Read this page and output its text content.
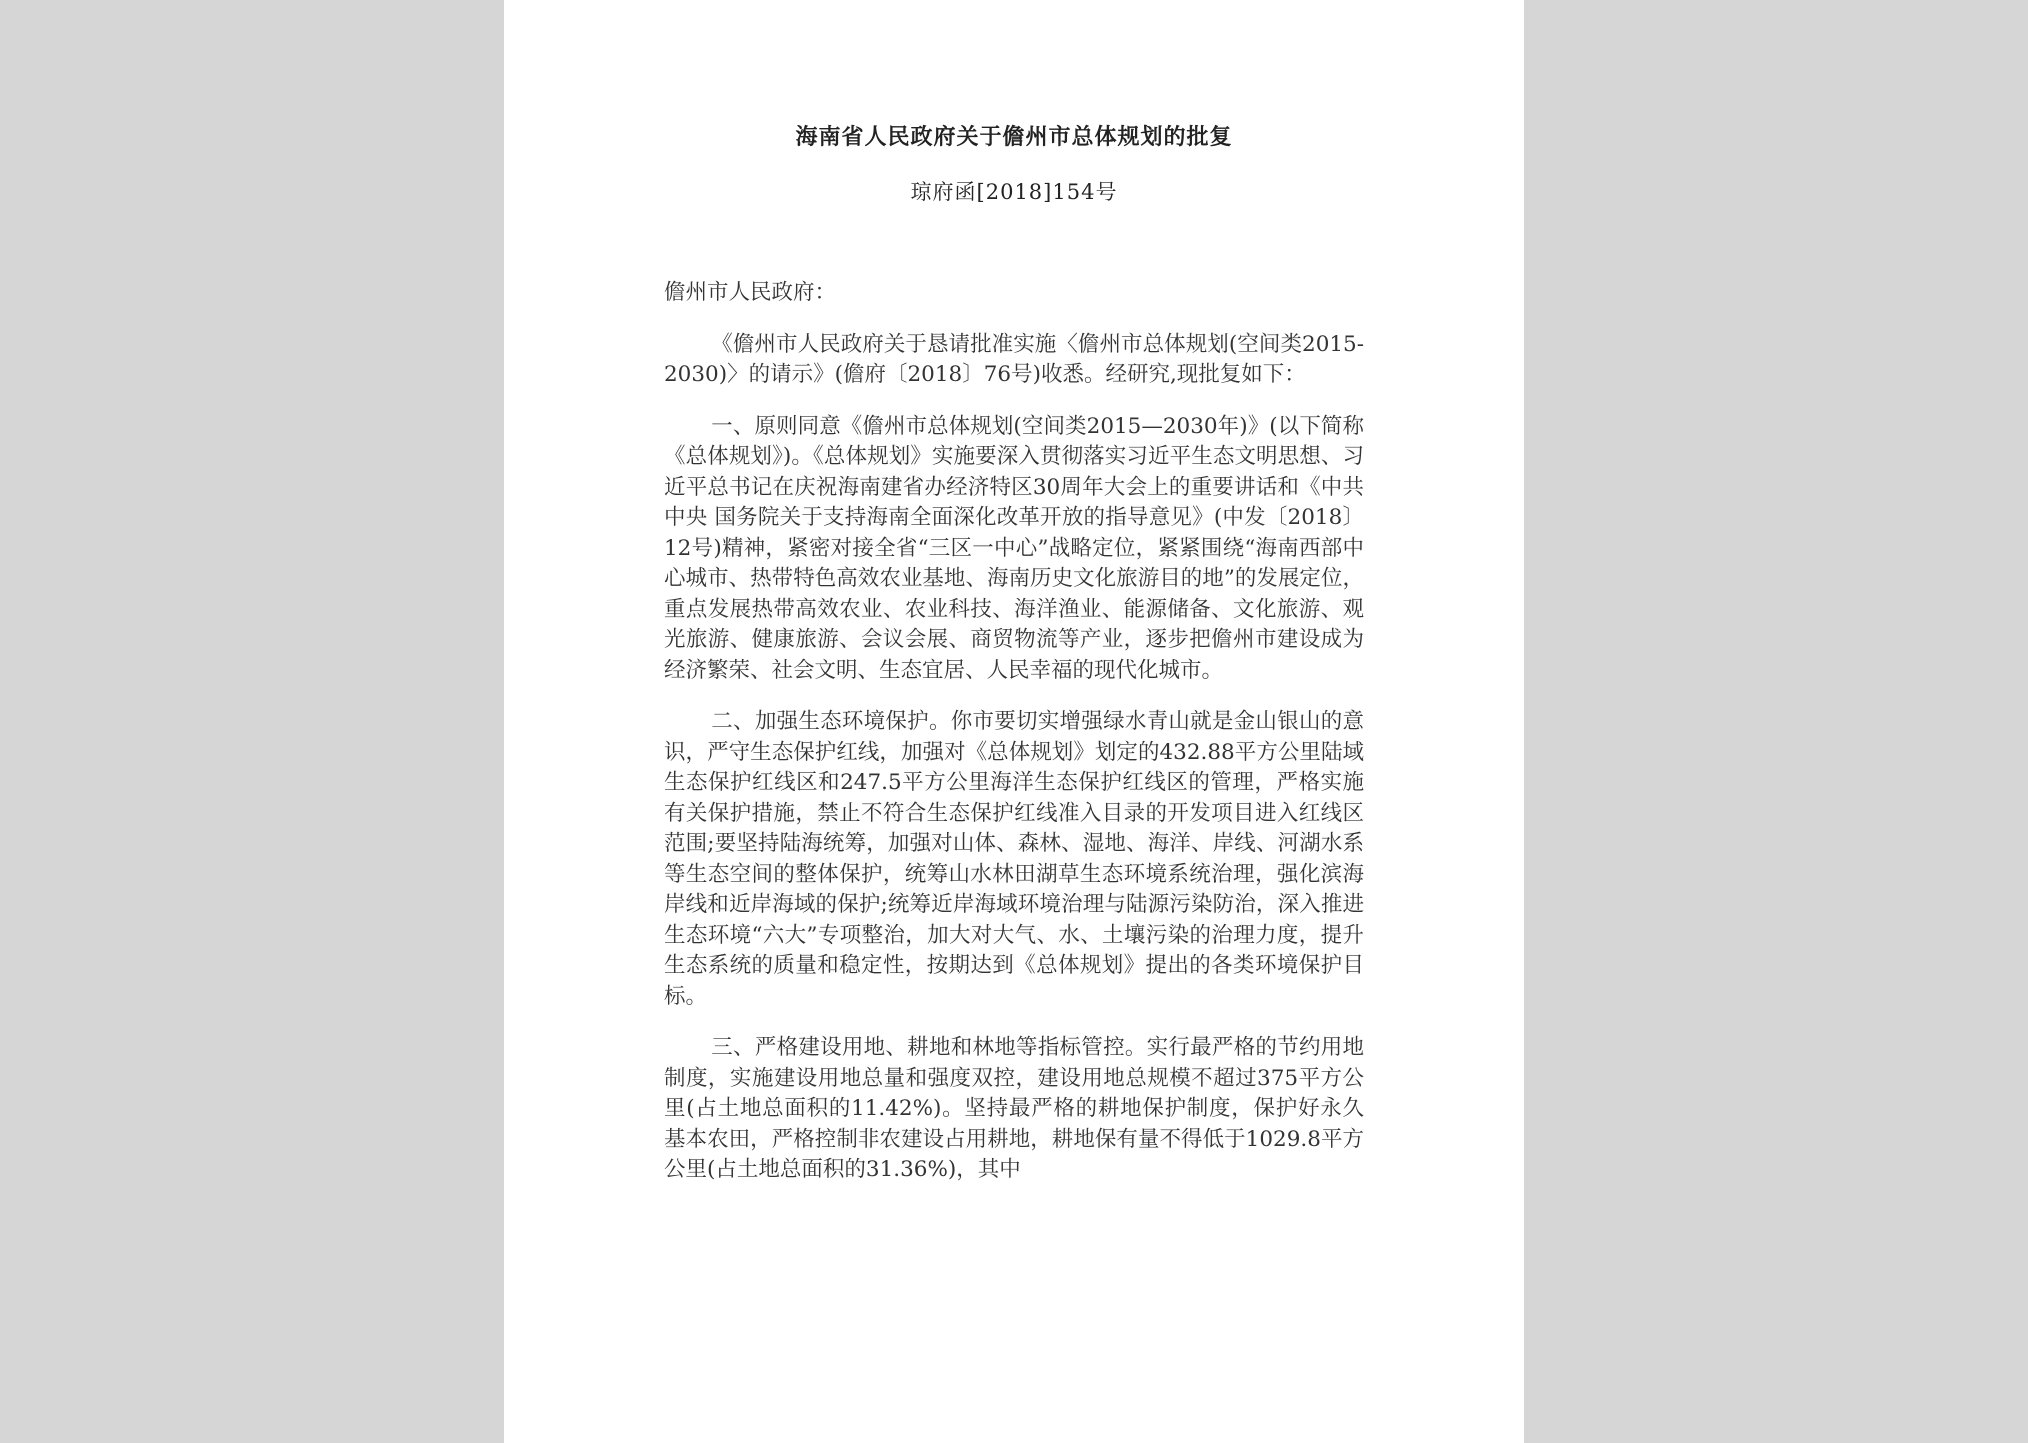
海南省人民政府关于儋州市总体规划的批复
琼府函[2018]154号

儋州市人民政府：

《儋州市人民政府关于恳请批准实施〈儋州市总体规划(空间类2015-2030)〉的请示》(儋府〔2018〕76号)收悉。经研究,现批复如下：

一、原则同意《儋州市总体规划(空间类2015—2030年)》(以下简称《总体规划》)。《总体规划》实施要深入贯彻落实习近平生态文明思想、习近平总书记在庆祝海南建省办经济特区30周年大会上的重要讲话和《中共中央 国务院关于支持海南全面深化改革开放的指导意见》(中发〔2018〕12号)精神，紧密对接全省“三区一中心”战略定位，紧紧围绕“海南西部中心城市、热带特色高效农业基地、海南历史文化旅游目的地”的发展定位，重点发展热带高效农业、农业科技、海洋渔业、能源储备、文化旅游、观光旅游、健康旅游、会议会展、商贸物流等产业，逐步把儋州市建设成为经济繁荣、社会文明、生态宜居、人民幸福的现代化城市。

二、加强生态环境保护。你市要切实增强绿水青山就是金山银山的意识，严守生态保护红线，加强对《总体规划》划定的432.88平方公里陆域生态保护红线区和247.5平方公里海洋生态保护红线区的管理，严格实施有关保护措施，禁止不符合生态保护红线准入目录的开发项目进入红线区范围;要坚持陆海统筹，加强对山体、森林、湿地、海洋、岸线、河湖水系等生态空间的整体保护，统筹山水林田湖草生态环境系统治理，强化滨海岸线和近岸海域的保护;统筹近岸海域环境治理与陆源污染防治，深入推进生态环境“六大”专项整治，加大对大气、水、土壤污染的治理力度，提升生态系统的质量和稳定性，按期达到《总体规划》提出的各类环境保护目标。

三、严格建设用地、耕地和林地等指标管控。实行最严格的节约用地制度，实施建设用地总量和强度双控，建设用地总规模不超过375平方公里(占土地总面积的11.42%)。坚持最严格的耕地保护制度，保护好永久基本农田，严格控制非农建设占用耕地，耕地保有量不得低于1029.8平方公里(占土地总面积的31.36%)，其中
